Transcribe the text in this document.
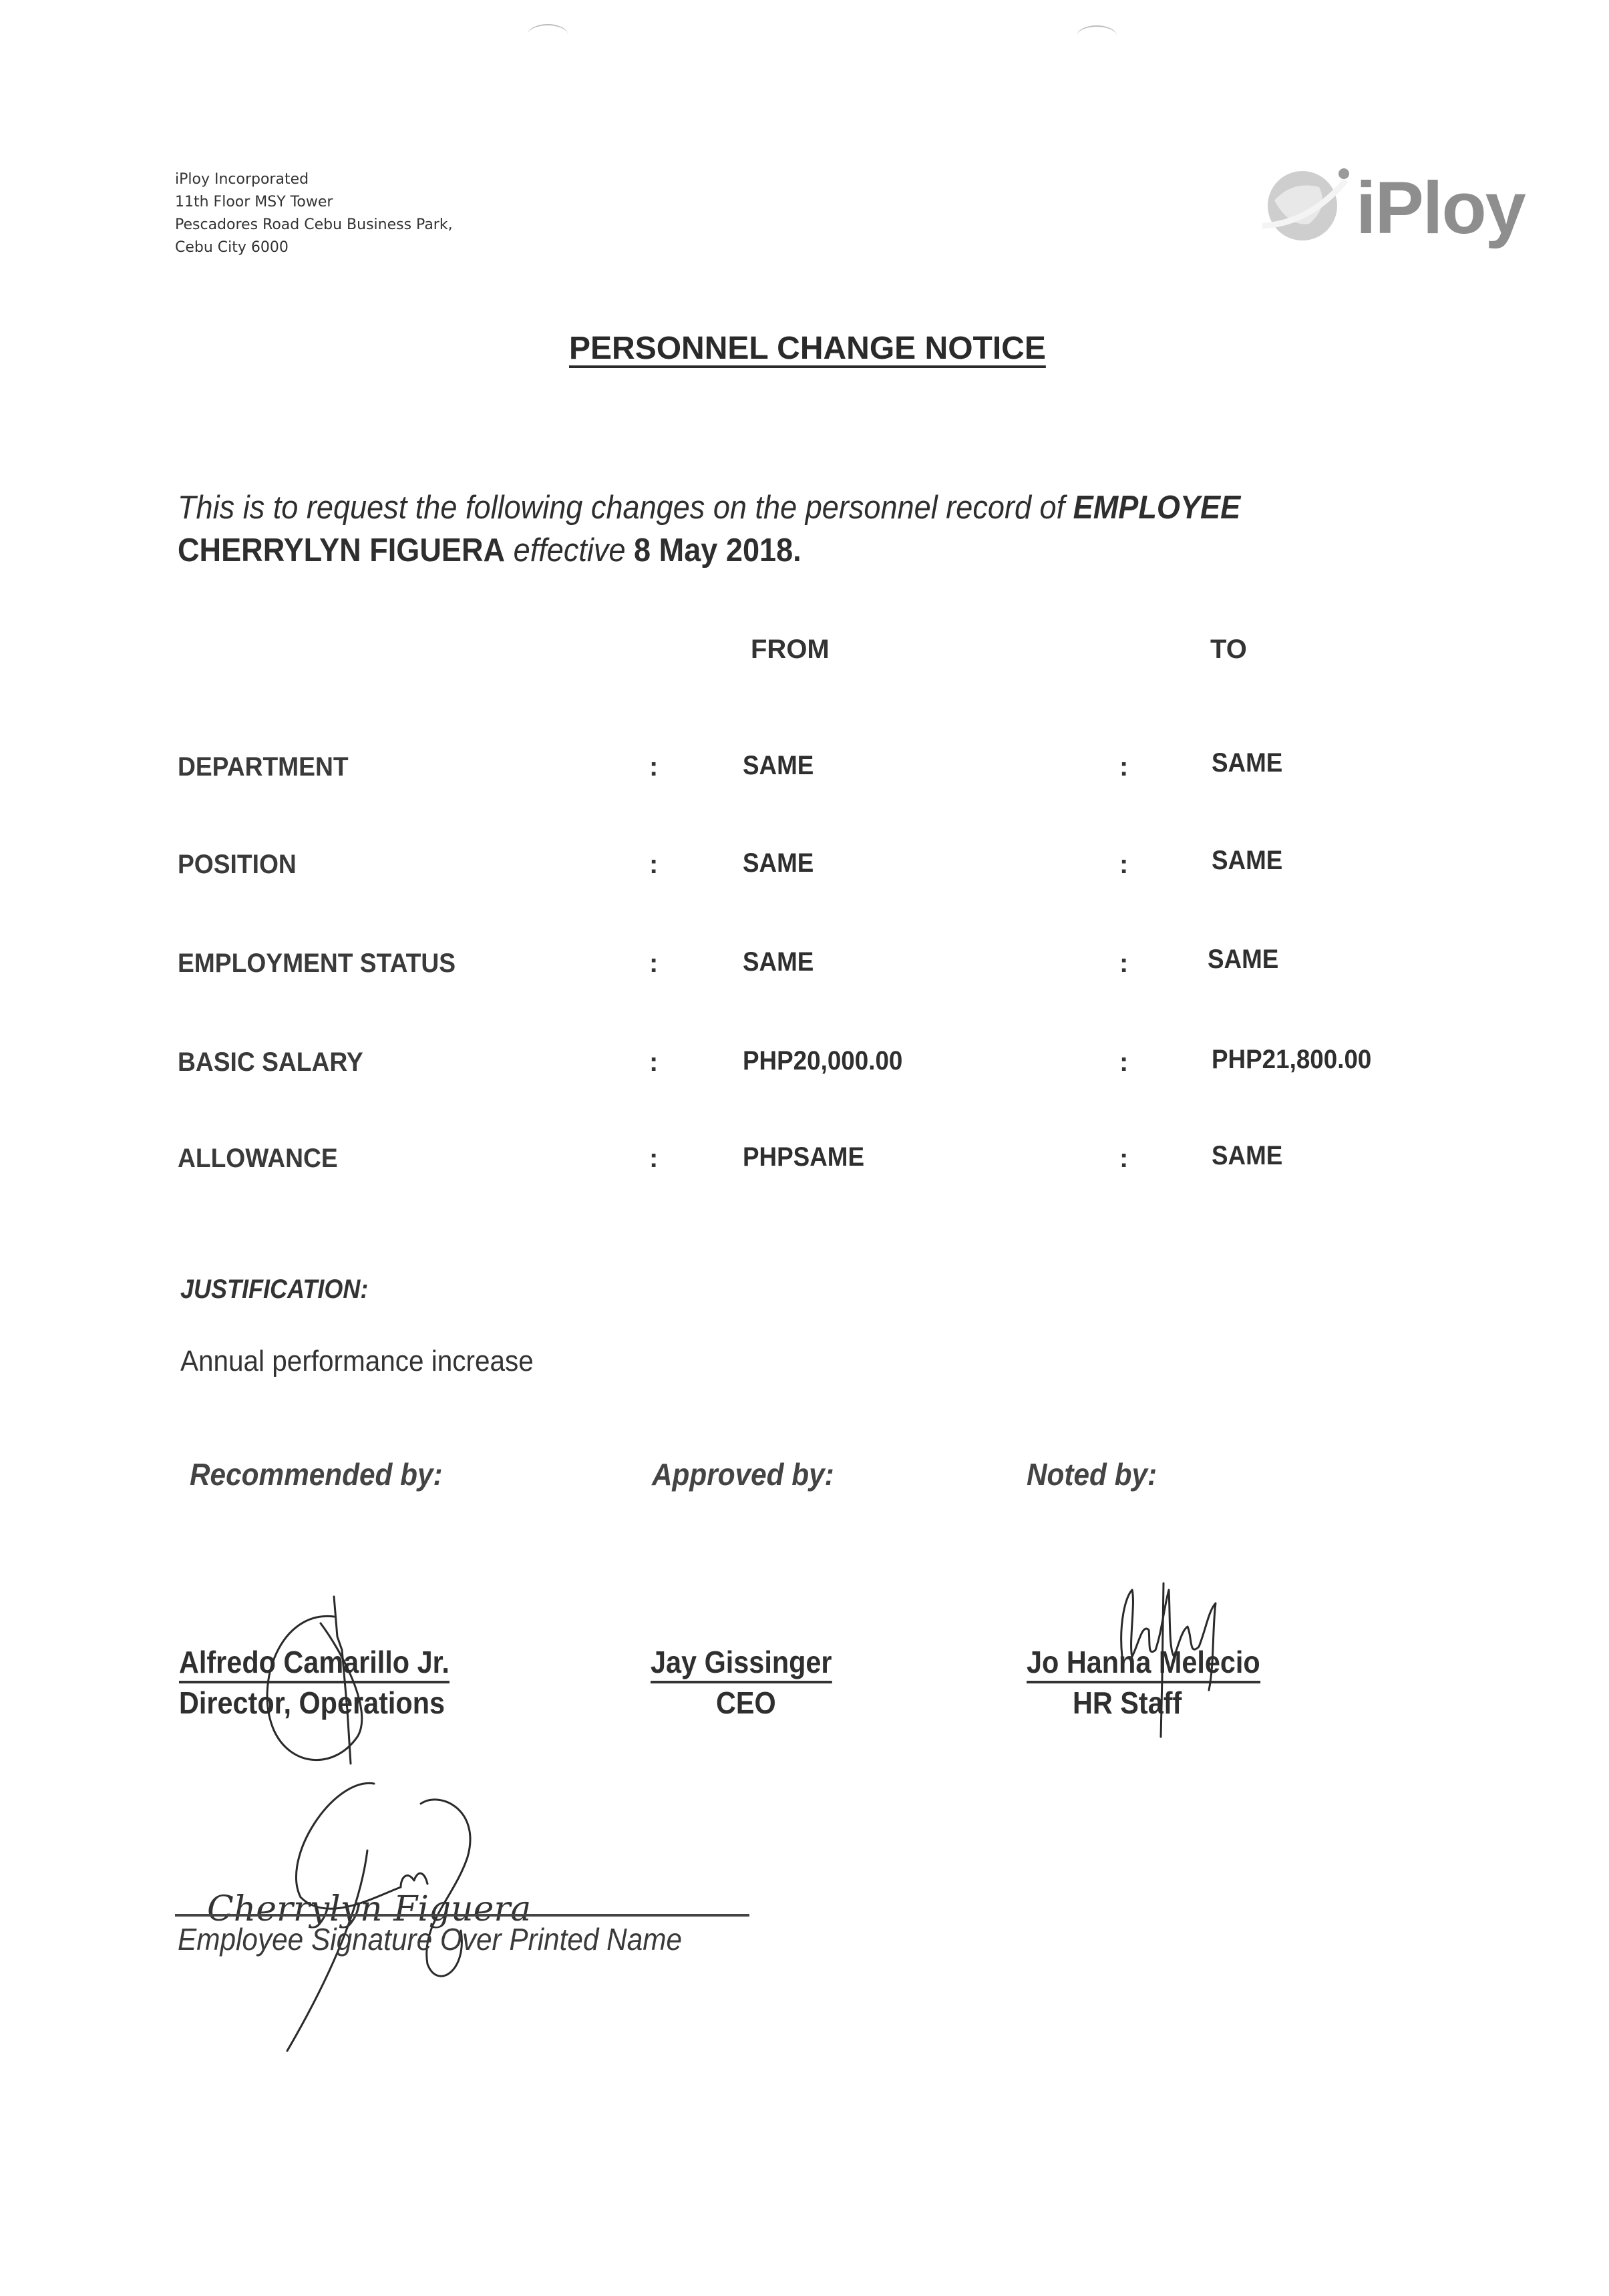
iPloy Incorporated
11th Floor MSY Tower
Pescadores Road Cebu Business Park,
Cebu City 6000	iPloy
PERSONNEL CHANGE NOTICE
This is to request the following changes on the personnel record of EMPLOYEE
CHERRYLYN FIGUERA effective 8 May 2018.
FROM	TO
DEPARTMENT	:	SAME	:	SAME
POSITION	:	SAME	:	SAME
EMPLOYMENT STATUS	:	SAME	:	SAME
BASIC SALARY	:	PHP20,000.00	:	PHP21,800.00
ALLOWANCE	:	PHPSAME	:	SAME
JUSTIFICATION:
Annual performance increase
Recommended by:	Approved by:	Noted by:
Alfredo Camarillo Jr.
Director, Operations
Jay Gissinger
CEO
Jo Hanna Melecio
HR Staff
Cherrylyn Figuera
Employee Signature Over Printed Name
